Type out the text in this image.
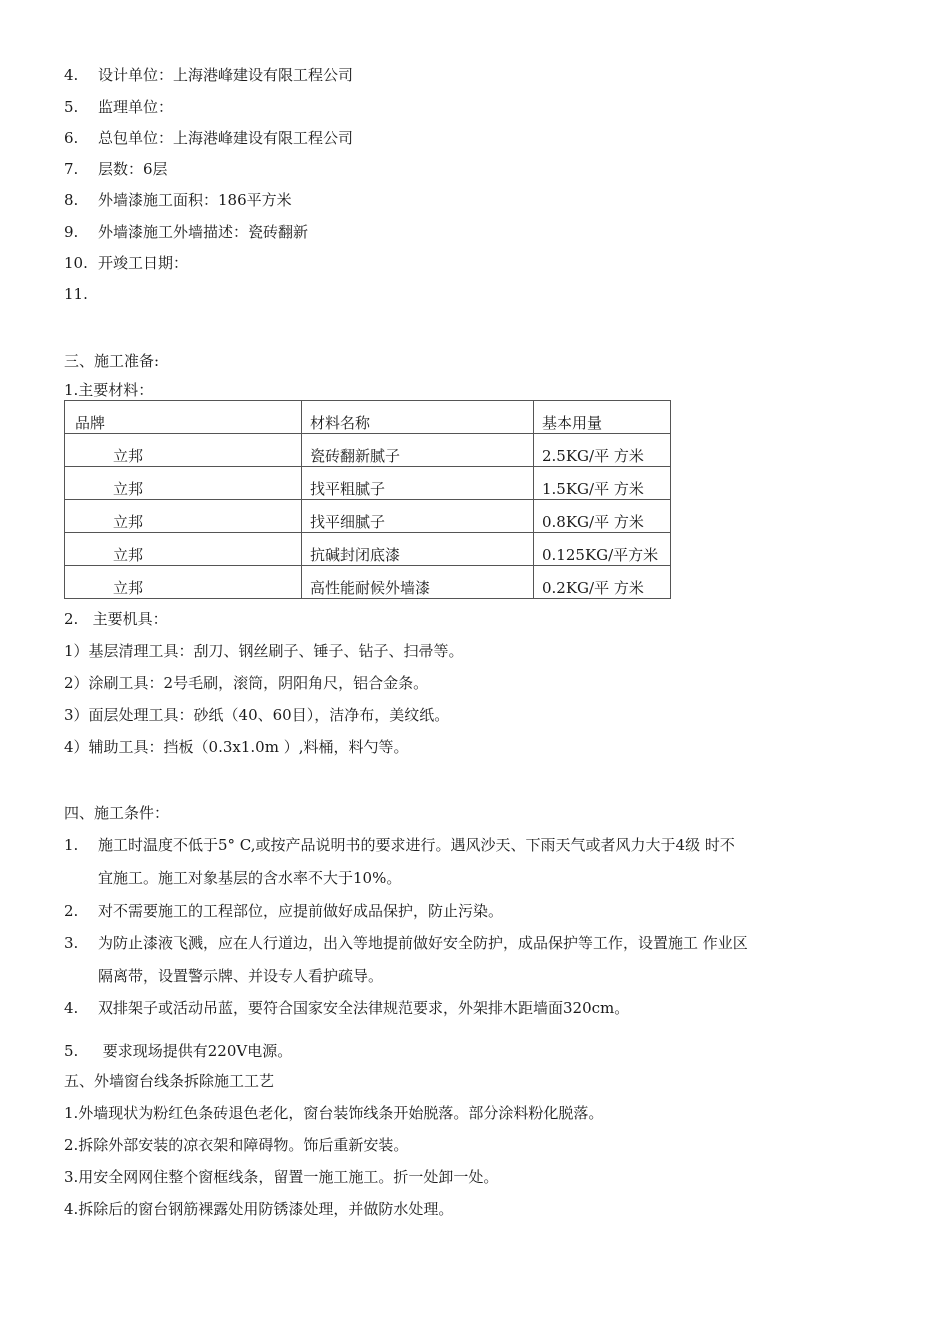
4. 设计单位：上海港峰建设有限工程公司
5. 监理单位：
6. 总包单位：上海港峰建设有限工程公司
7. 层数：6层
8. 外墙漆施工面积：186平方米
9. 外墙漆施工外墙描述：瓷砖翻新
10. 开竣工日期：
11.
三、施工准备:
1.主要材料：
品牌	材料名称	基本用量
立邦	瓷砖翻新腻子	2.5KG/平 方米
立邦	找平粗腻子	1.5KG/平 方米
立邦	找平细腻子	0.8KG/平 方米
立邦	抗碱封闭底漆	0.125KG/平方米
立邦	高性能耐候外墙漆	0.2KG/平 方米
2.   主要机具：
1）基层清理工具：刮刀、钢丝刷子、锤子、钻子、扫帚等。
2）涂刷工具：2号毛刷，滚筒，阴阳角尺，铝合金条。
3）面层处理工具：砂纸（40、60目），洁净布，美纹纸。
4）辅助工具：挡板（0.3x1.0m ）,料桶，料勺等。
四、施工条件：
1.	施工时温度不低于5° C,或按产品说明书的要求进行。遇风沙天、下雨天气或者风力大于4级 时不

宜施工。施工对象基层的含水率不大于10%。

2.	对不需要施工的工程部位，应提前做好成品保护，防止污染。

3.	为防止漆液飞溅，应在人行道边，出入等地提前做好安全防护，成品保护等工作，设置施工 作业区

隔离带，设置警示牌、并设专人看护疏导。

4.	双排架子或活动吊蓝，要符合国家安全法律规范要求，外架排木距墙面320cm。

5.	要求现场提供有220V电源。

五、外墙窗台线条拆除施工工艺
1.外墙现状为粉红色条砖退色老化，窗台装饰线条开始脱落。部分涂料粉化脱落。
2.拆除外部安装的凉衣架和障碍物。饰后重新安装。
3.用安全网网住整个窗框线条，留置一施工施工。折一处卸一处。
4.拆除后的窗台钢筋裸露处用防锈漆处理，并做防水处理。
